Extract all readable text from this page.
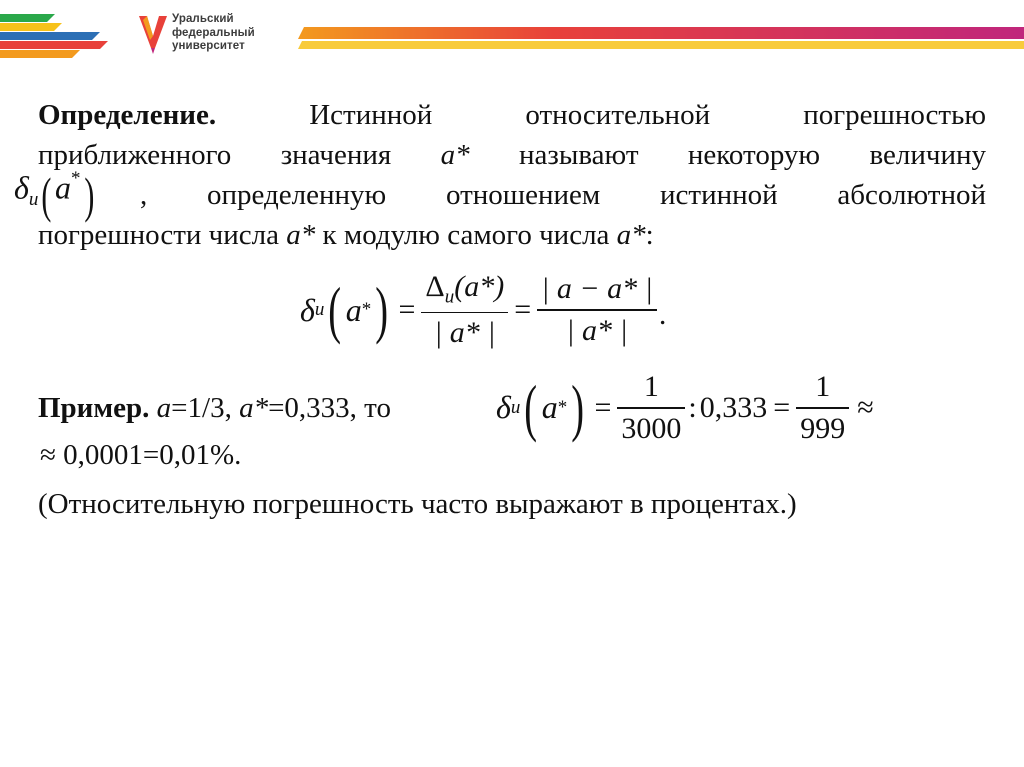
Уральский
федеральный
университет
Определение.	Истинной относительной погрешностью
приближенного значения a* называют некоторую величину
δи( a*) , определенную отношением истинной абсолютной
погрешности числа a* к модулю самого числа a*:
δ и ( a * ) = $\frac{\Delta_и(a*)}{| a* |} = \frac{| a - a* |}{| a* |}$ .
Пример. a=1/3, a*=0,333, то	δ и ( a * ) = $\frac{1}{3000}$ : $0,333 = \frac{1}{999}$ ≈
≈ 0,0001=0,01%.
(Относительную погрешность часто выражают в процентах.)
